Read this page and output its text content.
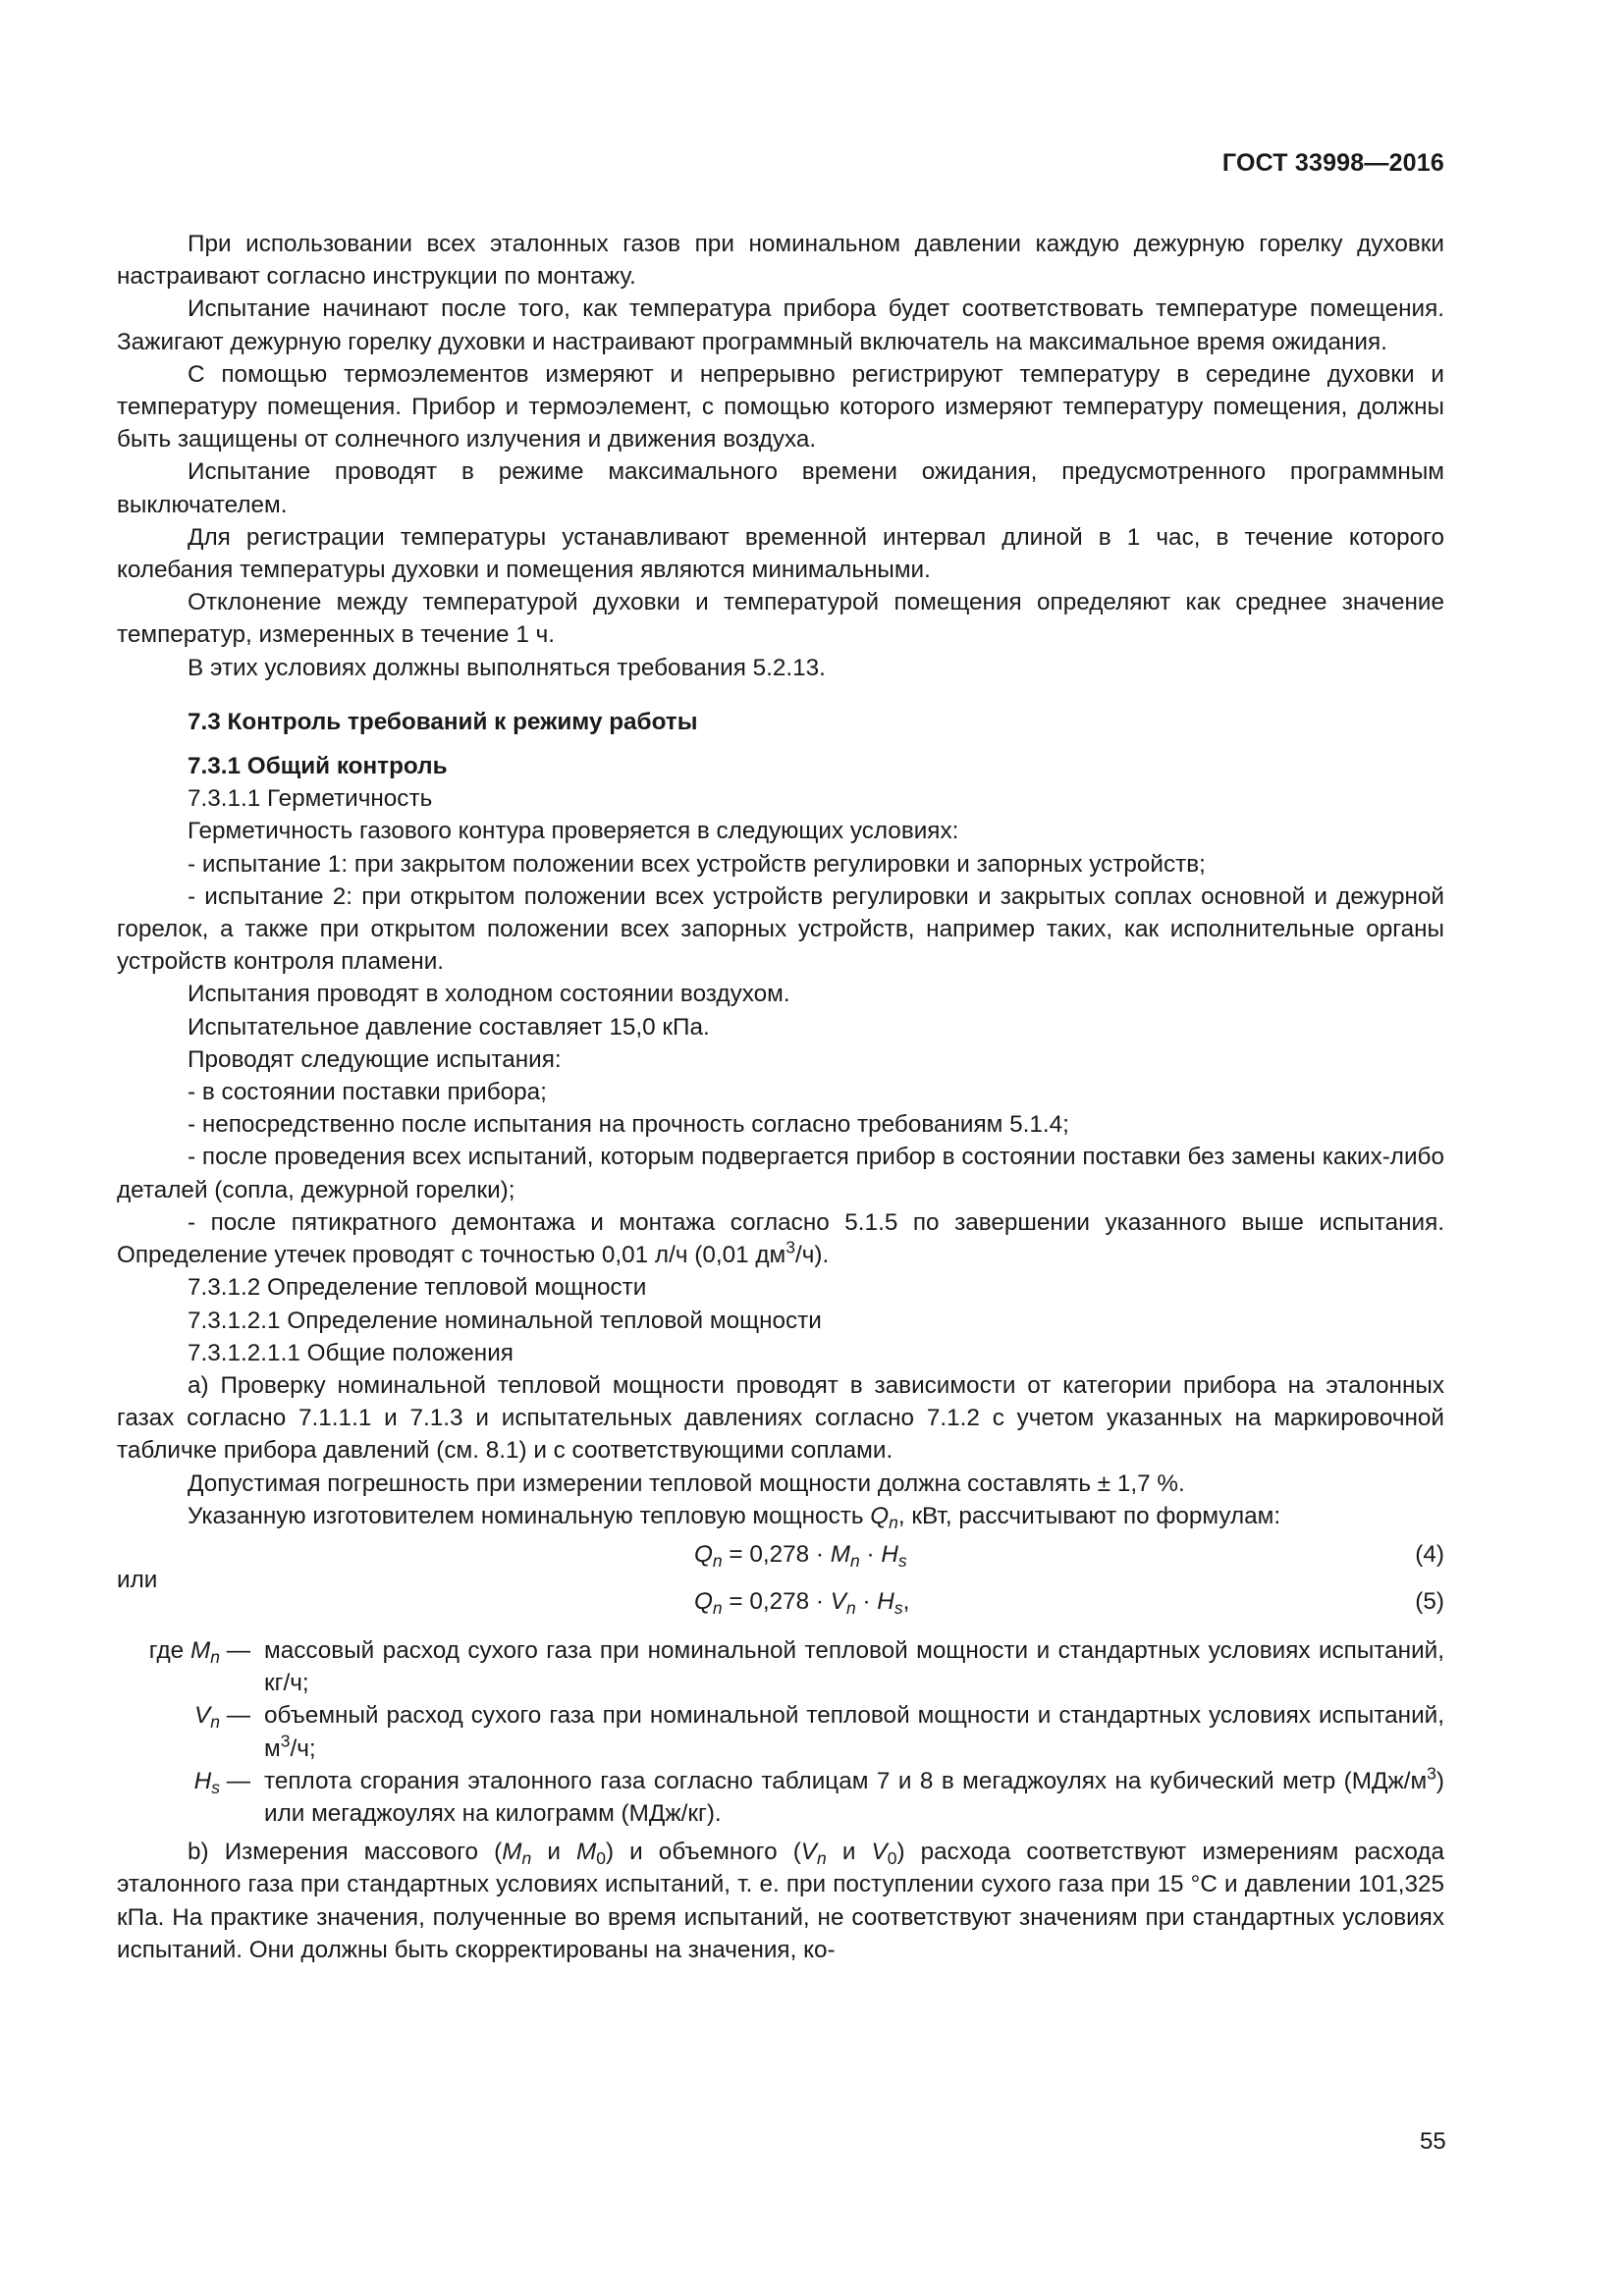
ГОСТ 33998—2016

При использовании всех эталонных газов при номинальном давлении каждую дежурную горелку духовки настраивают согласно инструкции по монтажу.

Испытание начинают после того, как температура прибора будет соответствовать температуре помещения. Зажигают дежурную горелку духовки и настраивают программный включатель на максимальное время ожидания.

С помощью термоэлементов измеряют и непрерывно регистрируют температуру в середине духовки и температуру помещения. Прибор и термоэлемент, с помощью которого измеряют температуру помещения, должны быть защищены от солнечного излучения и движения воздуха.

Испытание проводят в режиме максимального времени ожидания, предусмотренного программным выключателем.

Для регистрации температуры устанавливают временной интервал длиной в 1 час, в течение которого колебания температуры духовки и помещения являются минимальными.

Отклонение между температурой духовки и температурой помещения определяют как среднее значение температур, измеренных в течение 1 ч.

В этих условиях должны выполняться требования 5.2.13.

7.3 Контроль требований к режиму работы

7.3.1 Общий контроль

7.3.1.1 Герметичность

Герметичность газового контура проверяется в следующих условиях:

- испытание 1: при закрытом положении всех устройств регулировки и запорных устройств;

- испытание 2: при открытом положении всех устройств регулировки и закрытых соплах основной и дежурной горелок, а также при открытом положении всех запорных устройств, например таких, как исполнительные органы устройств контроля пламени.

Испытания проводят в холодном состоянии воздухом.

Испытательное давление составляет 15,0 кПа.

Проводят следующие испытания:

- в состоянии поставки прибора;

- непосредственно после испытания на прочность согласно требованиям 5.1.4;

- после проведения всех испытаний, которым подвергается прибор в состоянии поставки без замены каких-либо деталей (сопла, дежурной горелки);

- после пятикратного демонтажа и монтажа согласно 5.1.5 по завершении указанного выше испытания. Определение утечек проводят с точностью 0,01 л/ч (0,01 $дм^3/ч$).

7.3.1.2 Определение тепловой мощности

7.3.1.2.1 Определение номинальной тепловой мощности

7.3.1.2.1.1 Общие положения

a) Проверку номинальной тепловой мощности проводят в зависимости от категории прибора на эталонных газах согласно 7.1.1.1 и 7.1.3 и испытательных давлениях согласно 7.1.2 с учетом указанных на маркировочной табличке прибора давлений (см. 8.1) и с соответствующими соплами.

Допустимая погрешность при измерении тепловой мощности должна составлять ± 1,7 %.

Указанную изготовителем номинальную тепловую мощность $Q_n$, кВт, рассчитывают по формулам:

$Q_n = 0,278 \cdot M_n \cdot H_s$	(4)
или
$Q_n = 0,278 \cdot V_n \cdot H_s$,	(5)
где $M_n$ — массовый расход сухого газа при номинальной тепловой мощности и стандартных условиях испытаний, кг/ч;
$V_n$ — объемный расход сухого газа при номинальной тепловой мощности и стандартных условиях испытаний, $м^3/ч$;
$H_s$ — теплота сгорания эталонного газа согласно таблицам 7 и 8 в мегаджоулях на кубический метр $(МДж/м^3)$ или мегаджоулях на килограмм (МДж/кг).

b) Измерения массового ($M_n$ и $M_0$) и объемного ($V_n$ и $V_0$) расхода соответствуют измерениям расхода эталонного газа при стандартных условиях испытаний, т. е. при поступлении сухого газа при 15 °С и давлении 101,325 кПа. На практике значения, полученные во время испытаний, не соответствуют значениям при стандартных условиях испытаний. Они должны быть скорректированы на значения, ко-

55
